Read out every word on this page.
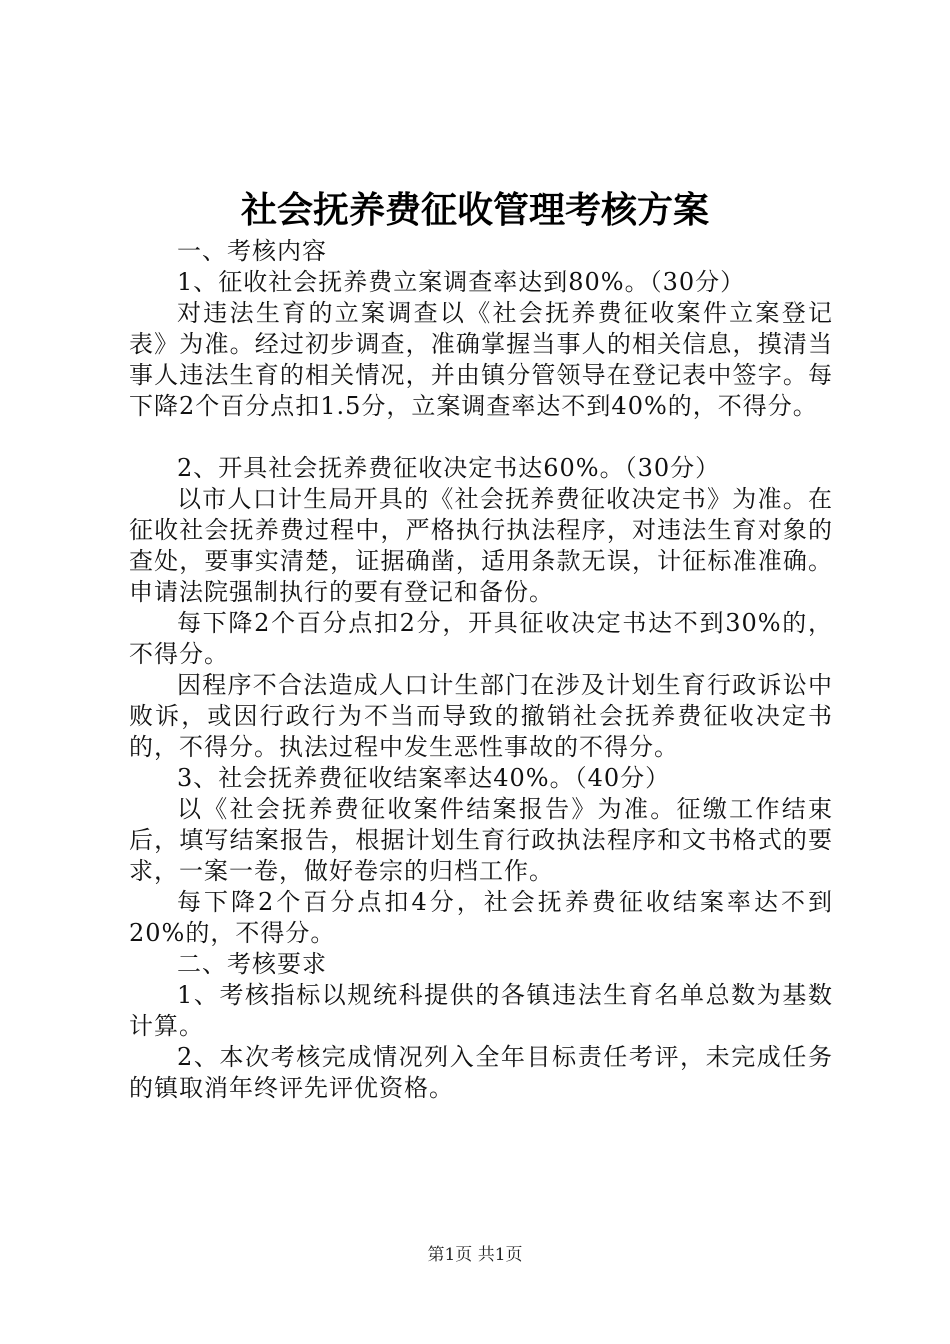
社会抚养费征收管理考核方案

一、考核内容

1、征收社会抚养费立案调查率达到80%。（30分）

对违法生育的立案调查以《社会抚养费征收案件立案登记表》为准。经过初步调查，准确掌握当事人的相关信息，摸清当事人违法生育的相关情况，并由镇分管领导在登记表中签字。每下降2个百分点扣1.5分，立案调查率达不到40%的，不得分。

2、开具社会抚养费征收决定书达60%。（30分）

以市人口计生局开具的《社会抚养费征收决定书》为准。在征收社会抚养费过程中，严格执行执法程序，对违法生育对象的查处，要事实清楚，证据确凿，适用条款无误，计征标准准确。申请法院强制执行的要有登记和备份。

每下降2个百分点扣2分，开具征收决定书达不到30%的，不得分。

因程序不合法造成人口计生部门在涉及计划生育行政诉讼中败诉，或因行政行为不当而导致的撤销社会抚养费征收决定书的，不得分。执法过程中发生恶性事故的不得分。

3、社会抚养费征收结案率达40%。（40分）

以《社会抚养费征收案件结案报告》为准。征缴工作结束后，填写结案报告，根据计划生育行政执法程序和文书格式的要求，一案一卷，做好卷宗的归档工作。

每下降2个百分点扣4分，社会抚养费征收结案率达不到20%的，不得分。

二、考核要求

1、考核指标以规统科提供的各镇违法生育名单总数为基数计算。

2、本次考核完成情况列入全年目标责任考评，未完成任务的镇取消年终评先评优资格。

第1页 共1页
